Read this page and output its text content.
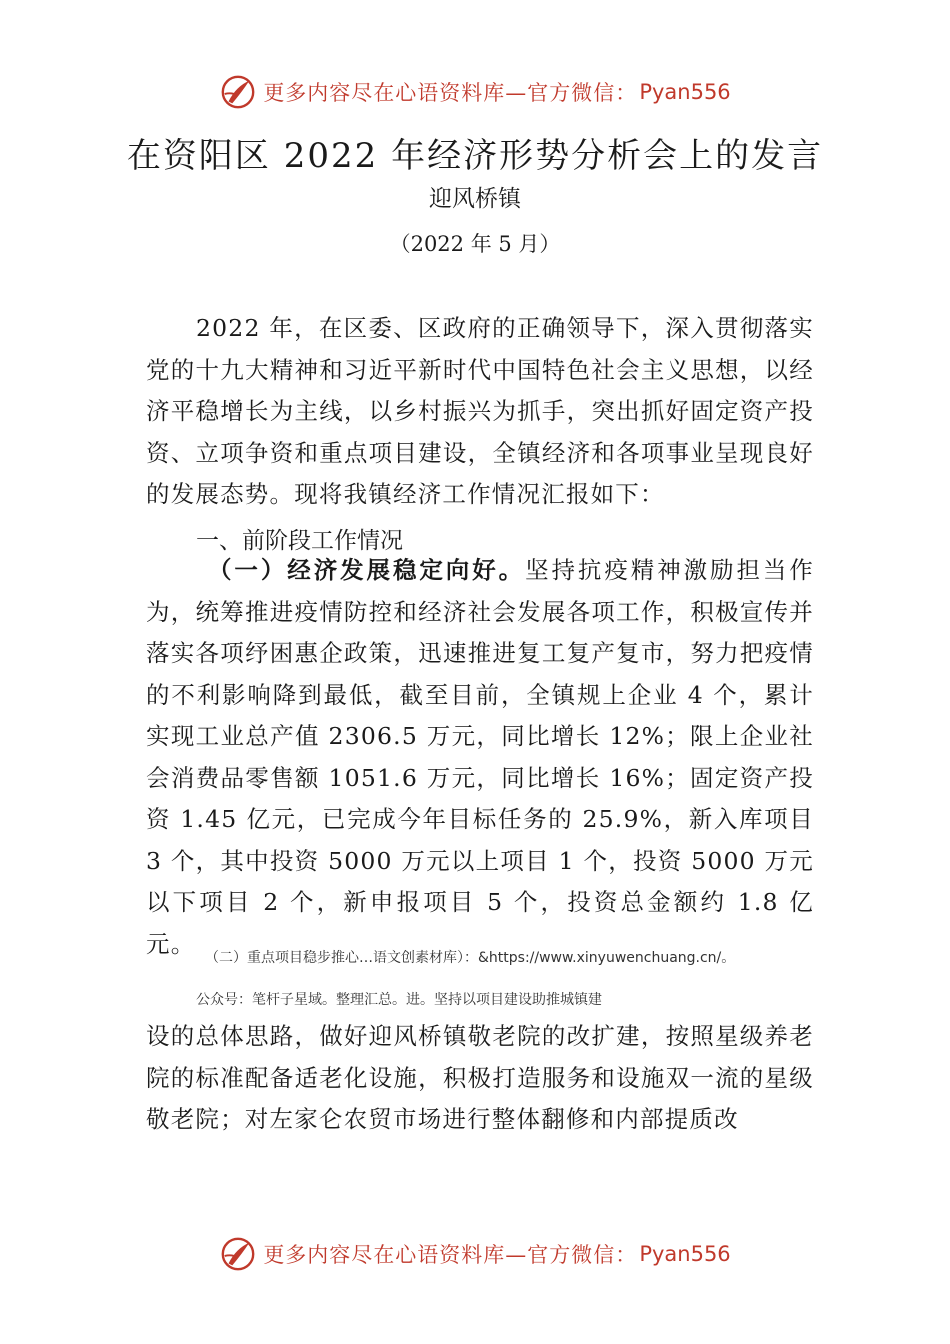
更多内容尽在心语资料库—官方微信： Pyan556
在资阳区 2022 年经济形势分析会上的发言
迎风桥镇
（2022 年 5 月）
2022 年，在区委、区政府的正确领导下，深入贯彻落实党的十九大精神和习近平新时代中国特色社会主义思想，以经济平稳增长为主线，以乡村振兴为抓手，突出抓好固定资产投资、立项争资和重点项目建设，全镇经济和各项事业呈现良好的发展态势。现将我镇经济工作情况汇报如下：
一、前阶段工作情况
（一）经济发展稳定向好。坚持抗疫精神激励担当作为，统筹推进疫情防控和经济社会发展各项工作，积极宣传并落实各项纾困惠企政策，迅速推进复工复产复市，努力把疫情的不利影响降到最低，截至目前，全镇规上企业 4 个，累计实现工业总产值 2306.5 万元，同比增长 12%；限上企业社会消费品零售额 1051.6 万元，同比增长 16%；固定资产投资 1.45 亿元，已完成今年目标任务的 25.9%，新入库项目 3 个，其中投资 5000 万元以上项目 1 个，投资 5000 万元以下项目 2 个，新申报项目 5 个，投资总金额约 1.8 亿元。
（二）重点项目稳步推心…语文创素材库）：&https://www.xinyuwenchuang.cn/。
公众号：笔杆子星域。整理汇总。进。坚持以项目建设助推城镇建
设的总体思路，做好迎风桥镇敬老院的改扩建，按照星级养老院的标准配备适老化设施，积极打造服务和设施双一流的星级敬老院；对左家仑农贸市场进行整体翻修和内部提质改
更多内容尽在心语资料库—官方微信： Pyan556
